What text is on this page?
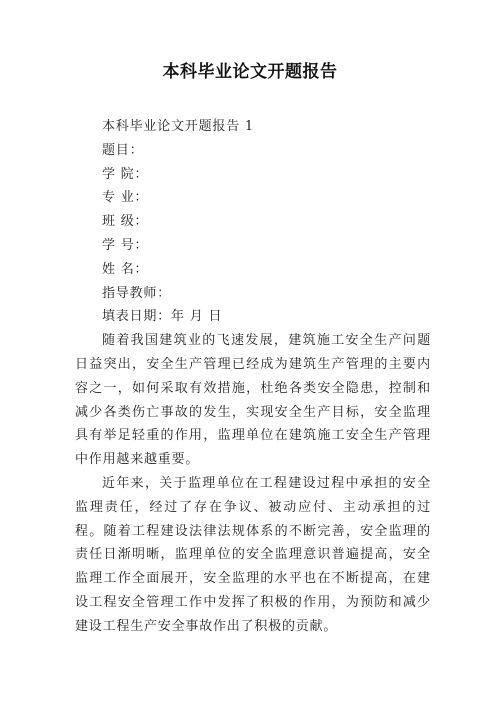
本科毕业论文开题报告
本科毕业论文开题报告 1
题目：
学 院：
专 业：
班 级：
学 号：
姓 名：
指导教师：
填表日期：年 月 日
随着我国建筑业的飞速发展，建筑施工安全生产问题日益突出，安全生产管理已经成为建筑生产管理的主要内容之一，如何采取有效措施，杜绝各类安全隐患，控制和减少各类伤亡事故的发生，实现安全生产目标，安全监理具有举足轻重的作用，监理单位在建筑施工安全生产管理中作用越来越重要。
近年来，关于监理单位在工程建设过程中承担的安全监理责任，经过了存在争议、被动应付、主动承担的过程。随着工程建设法律法规体系的不断完善，安全监理的责任日渐明晰，监理单位的安全监理意识普遍提高，安全监理工作全面展开，安全监理的水平也在不断提高，在建设工程安全管理工作中发挥了积极的作用，为预防和减少建设工程生产安全事故作出了积极的贡献。
